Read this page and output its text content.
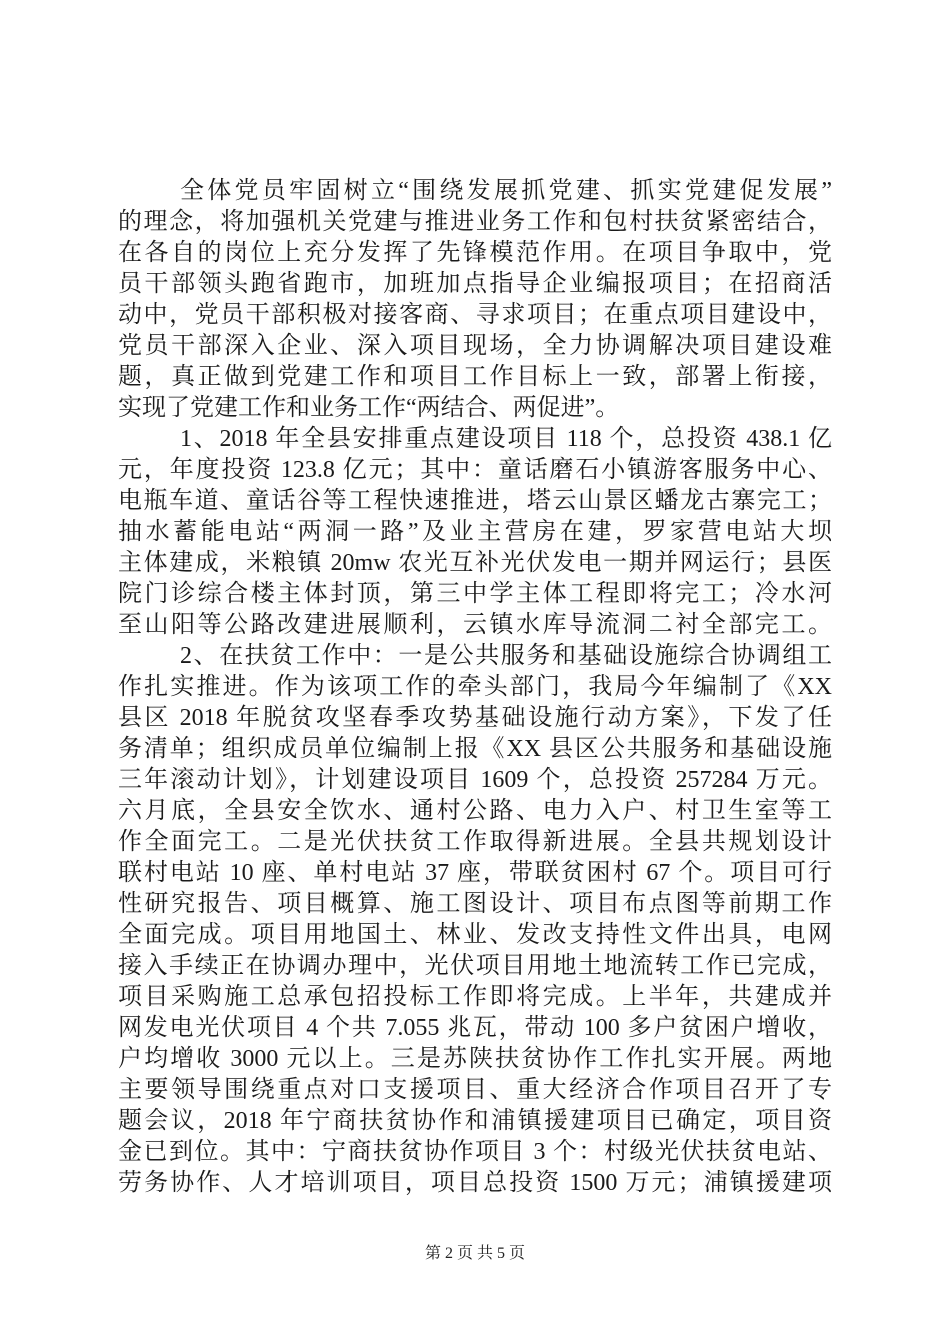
全体党员牢固树立“围绕发展抓党建、抓实党建促发展”
的理念，将加强机关党建与推进业务工作和包村扶贫紧密结合，
在各自的岗位上充分发挥了先锋模范作用。在项目争取中，党
员干部领头跑省跑市，加班加点指导企业编报项目；在招商活
动中，党员干部积极对接客商、寻求项目；在重点项目建设中，
党员干部深入企业、深入项目现场，全力协调解决项目建设难
题，真正做到党建工作和项目工作目标上一致，部署上衔接，
实现了党建工作和业务工作“两结合、两促进”。
1、2018 年全县安排重点建设项目 118 个，总投资 438.1 亿
元，年度投资 123.8 亿元；其中：童话磨石小镇游客服务中心、
电瓶车道、童话谷等工程快速推进，塔云山景区蟠龙古寨完工；
抽水蓄能电站“两洞一路”及业主营房在建，罗家营电站大坝
主体建成，米粮镇 20mw 农光互补光伏发电一期并网运行；县医
院门诊综合楼主体封顶，第三中学主体工程即将完工；冷水河
至山阳等公路改建进展顺利，云镇水库导流洞二衬全部完工。
2、在扶贫工作中：一是公共服务和基础设施综合协调组工
作扎实推进。作为该项工作的牵头部门，我局今年编制了《XX
县区 2018 年脱贫攻坚春季攻势基础设施行动方案》，下发了任
务清单；组织成员单位编制上报《XX 县区公共服务和基础设施
三年滚动计划》，计划建设项目 1609 个，总投资 257284 万元。
六月底，全县安全饮水、通村公路、电力入户、村卫生室等工
作全面完工。二是光伏扶贫工作取得新进展。全县共规划设计
联村电站 10 座、单村电站 37 座，带联贫困村 67 个。项目可行
性研究报告、项目概算、施工图设计、项目布点图等前期工作
全面完成。项目用地国土、林业、发改支持性文件出具，电网
接入手续正在协调办理中，光伏项目用地土地流转工作已完成，
项目采购施工总承包招投标工作即将完成。上半年，共建成并
网发电光伏项目 4 个共 7.055 兆瓦，带动 100 多户贫困户增收，
户均增收 3000 元以上。三是苏陕扶贫协作工作扎实开展。两地
主要领导围绕重点对口支援项目、重大经济合作项目召开了专
题会议，2018 年宁商扶贫协作和浦镇援建项目已确定，项目资
金已到位。其中：宁商扶贫协作项目 3 个：村级光伏扶贫电站、
劳务协作、人才培训项目，项目总投资 1500 万元；浦镇援建项
第 2 页 共 5 页
